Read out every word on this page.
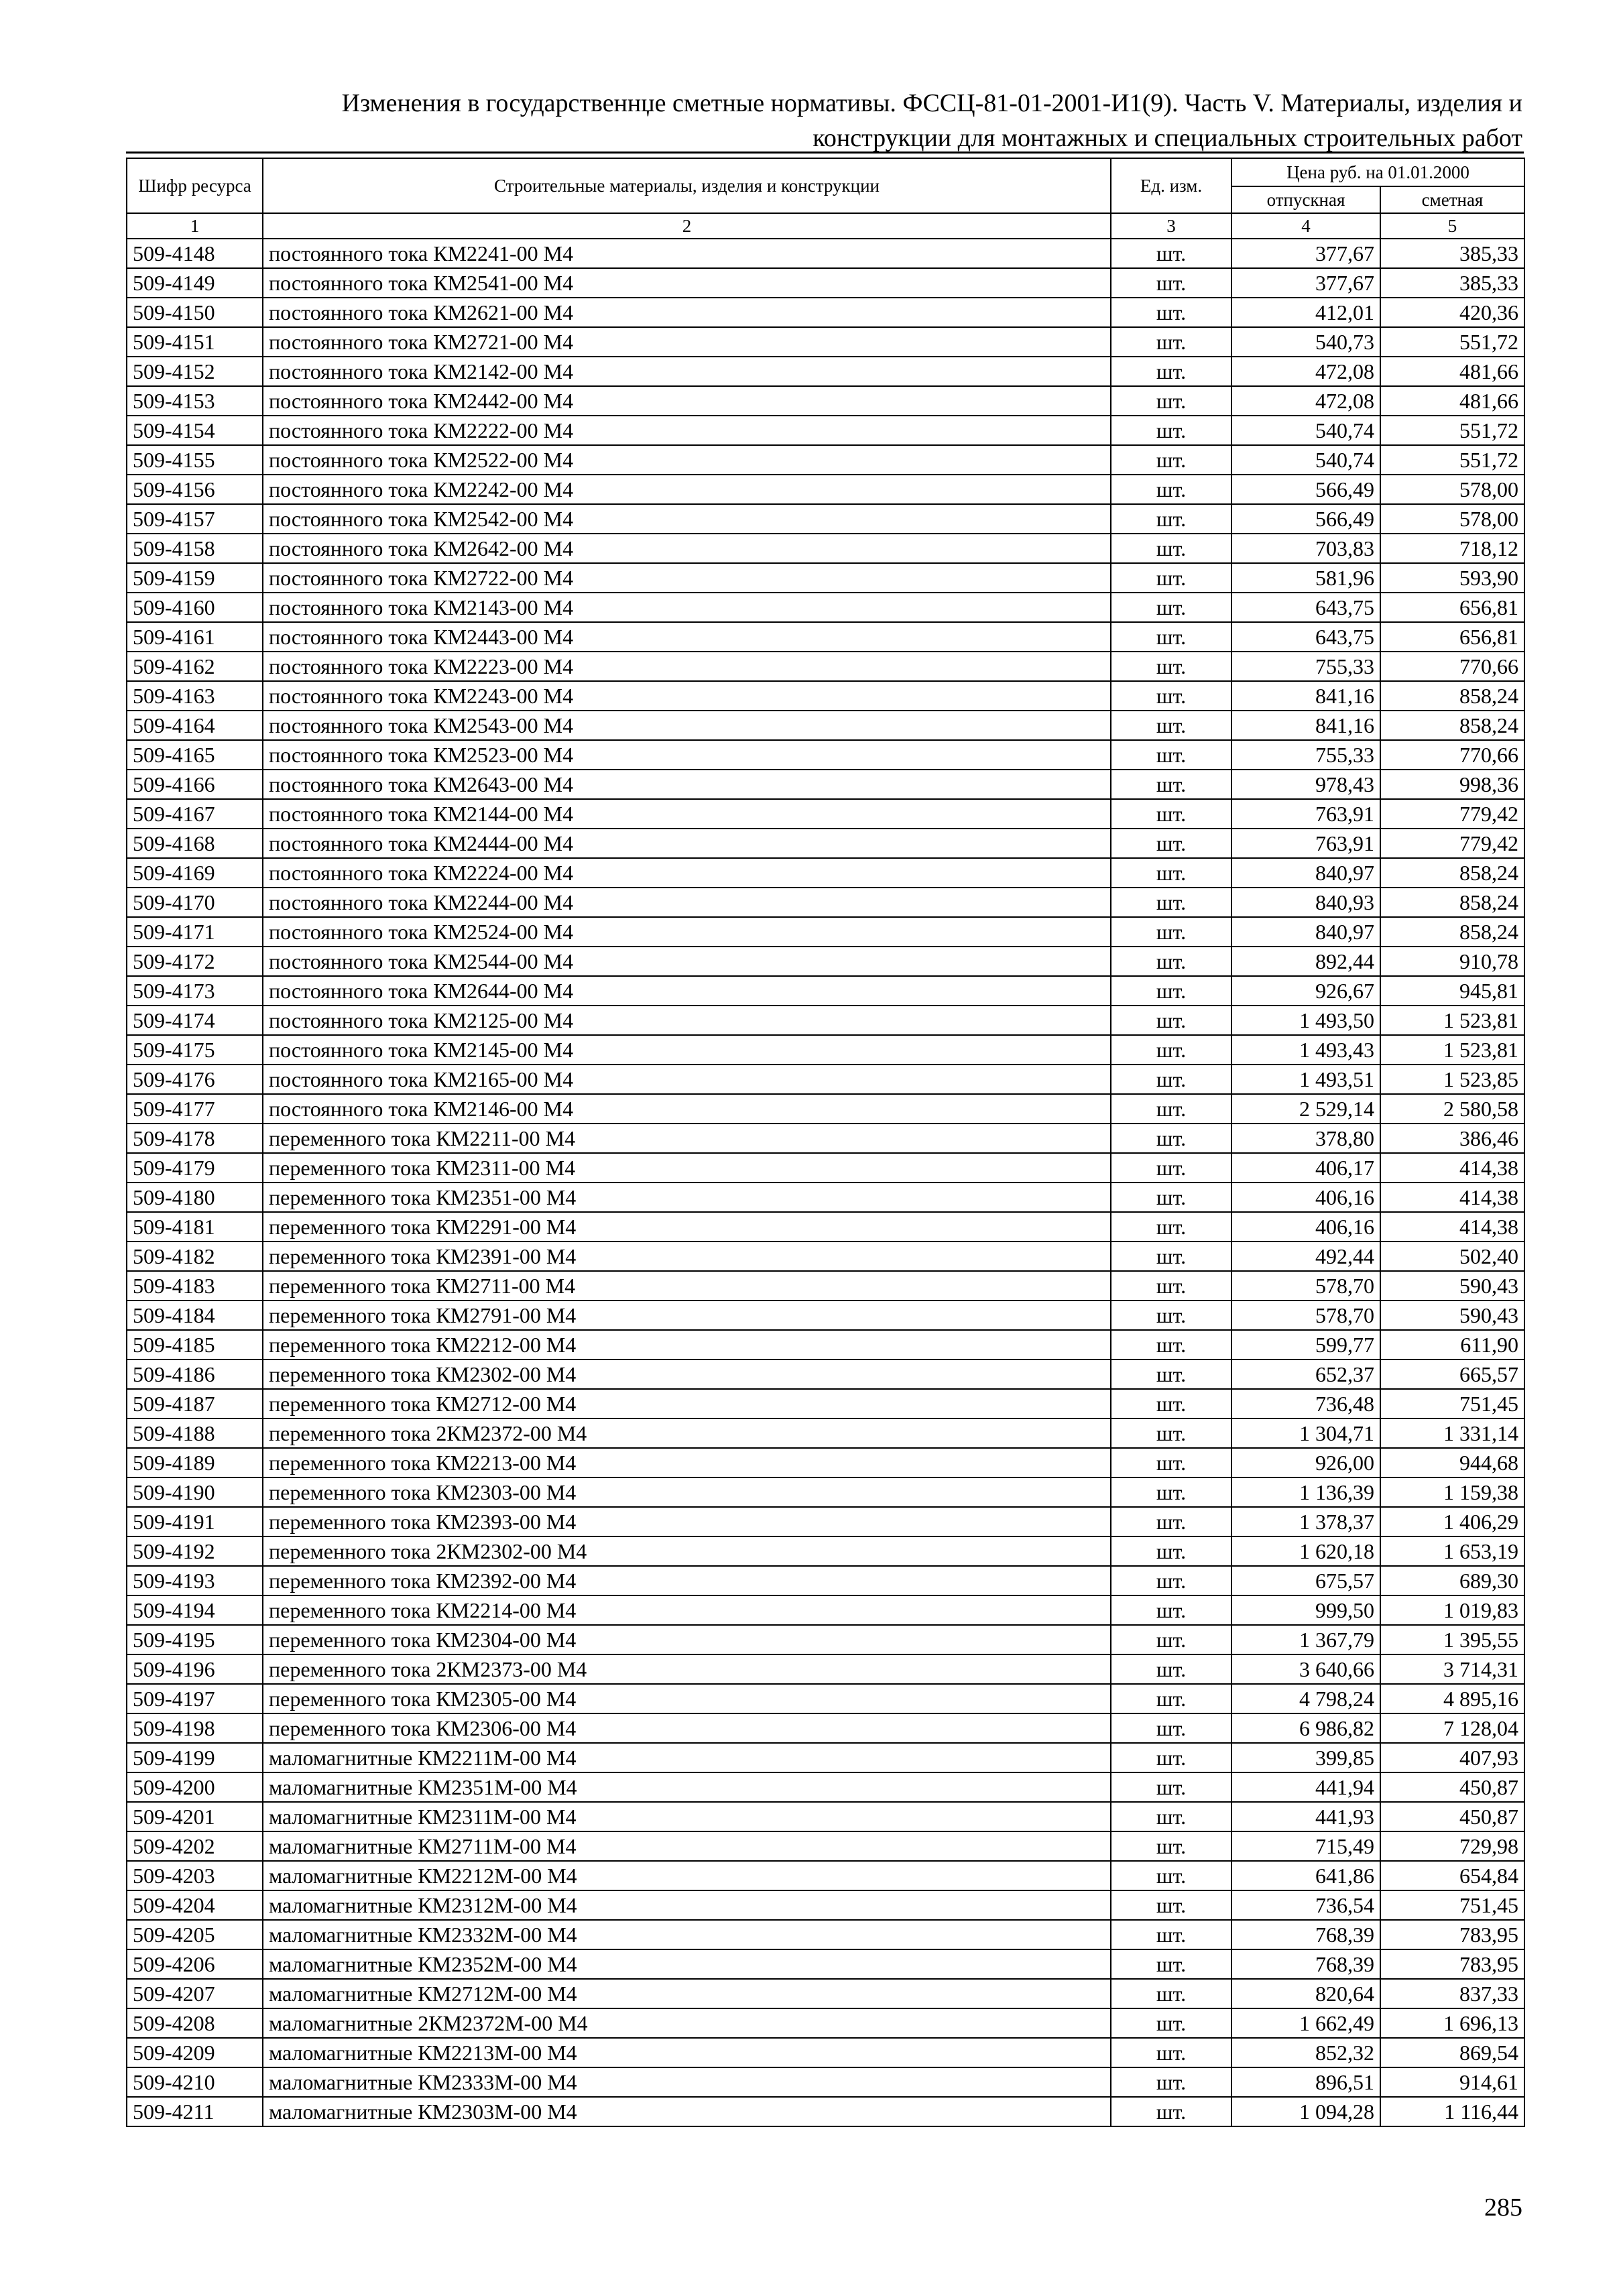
Изменения в государственнџе сметные нормативы. ФССЦ-81-01-2001-И1(9). Часть V. Материалы, изделия и
конструкции для монтажных и специальных строительных работ
Шифр ресурса	Строительные материалы, изделия и конструкции	Ед. изм.	Цена руб. на 01.01.2000	
			отпускная	сметная
1	2	3	4	5
509-4148	постоянного тока КМ2241-00 М4	шт.	377,67	385,33
509-4149	постоянного тока КМ2541-00 М4	шт.	377,67	385,33
509-4150	постоянного тока КМ2621-00 М4	шт.	412,01	420,36
509-4151	постоянного тока КМ2721-00 М4	шт.	540,73	551,72
509-4152	постоянного тока КМ2142-00 М4	шт.	472,08	481,66
509-4153	постоянного тока КМ2442-00 М4	шт.	472,08	481,66
509-4154	постоянного тока КМ2222-00 М4	шт.	540,74	551,72
509-4155	постоянного тока КМ2522-00 М4	шт.	540,74	551,72
509-4156	постоянного тока КМ2242-00 М4	шт.	566,49	578,00
509-4157	постоянного тока КМ2542-00 М4	шт.	566,49	578,00
509-4158	постоянного тока КМ2642-00 М4	шт.	703,83	718,12
509-4159	постоянного тока КМ2722-00 М4	шт.	581,96	593,90
509-4160	постоянного тока КМ2143-00 М4	шт.	643,75	656,81
509-4161	постоянного тока КМ2443-00 М4	шт.	643,75	656,81
509-4162	постоянного тока КМ2223-00 М4	шт.	755,33	770,66
509-4163	постоянного тока КМ2243-00 М4	шт.	841,16	858,24
509-4164	постоянного тока КМ2543-00 М4	шт.	841,16	858,24
509-4165	постоянного тока КМ2523-00 М4	шт.	755,33	770,66
509-4166	постоянного тока КМ2643-00 М4	шт.	978,43	998,36
509-4167	постоянного тока КМ2144-00 М4	шт.	763,91	779,42
509-4168	постоянного тока КМ2444-00 М4	шт.	763,91	779,42
509-4169	постоянного тока КМ2224-00 М4	шт.	840,97	858,24
509-4170	постоянного тока КМ2244-00 М4	шт.	840,93	858,24
509-4171	постоянного тока КМ2524-00 М4	шт.	840,97	858,24
509-4172	постоянного тока КМ2544-00 М4	шт.	892,44	910,78
509-4173	постоянного тока КМ2644-00 М4	шт.	926,67	945,81
509-4174	постоянного тока КМ2125-00 М4	шт.	1 493,50	1 523,81
509-4175	постоянного тока КМ2145-00 М4	шт.	1 493,43	1 523,81
509-4176	постоянного тока КМ2165-00 М4	шт.	1 493,51	1 523,85
509-4177	постоянного тока КМ2146-00 М4	шт.	2 529,14	2 580,58
509-4178	переменного тока КМ2211-00 М4	шт.	378,80	386,46
509-4179	переменного тока КМ2311-00 М4	шт.	406,17	414,38
509-4180	переменного тока КМ2351-00 М4	шт.	406,16	414,38
509-4181	переменного тока КМ2291-00 М4	шт.	406,16	414,38
509-4182	переменного тока КМ2391-00 М4	шт.	492,44	502,40
509-4183	переменного тока КМ2711-00 М4	шт.	578,70	590,43
509-4184	переменного тока КМ2791-00 М4	шт.	578,70	590,43
509-4185	переменного тока КМ2212-00 М4	шт.	599,77	611,90
509-4186	переменного тока КМ2302-00 М4	шт.	652,37	665,57
509-4187	переменного тока КМ2712-00 М4	шт.	736,48	751,45
509-4188	переменного тока 2КМ2372-00 М4	шт.	1 304,71	1 331,14
509-4189	переменного тока КМ2213-00 М4	шт.	926,00	944,68
509-4190	переменного тока КМ2303-00 М4	шт.	1 136,39	1 159,38
509-4191	переменного тока КМ2393-00 М4	шт.	1 378,37	1 406,29
509-4192	переменного тока 2КМ2302-00 М4	шт.	1 620,18	1 653,19
509-4193	переменного тока КМ2392-00 М4	шт.	675,57	689,30
509-4194	переменного тока КМ2214-00 М4	шт.	999,50	1 019,83
509-4195	переменного тока КМ2304-00 М4	шт.	1 367,79	1 395,55
509-4196	переменного тока 2КМ2373-00 М4	шт.	3 640,66	3 714,31
509-4197	переменного тока КМ2305-00 М4	шт.	4 798,24	4 895,16
509-4198	переменного тока КМ2306-00 М4	шт.	6 986,82	7 128,04
509-4199	маломагнитные КМ2211М-00 М4	шт.	399,85	407,93
509-4200	маломагнитные КМ2351М-00 М4	шт.	441,94	450,87
509-4201	маломагнитные КМ2311М-00 М4	шт.	441,93	450,87
509-4202	маломагнитные КМ2711М-00 М4	шт.	715,49	729,98
509-4203	маломагнитные КМ2212М-00 М4	шт.	641,86	654,84
509-4204	маломагнитные КМ2312М-00 М4	шт.	736,54	751,45
509-4205	маломагнитные КМ2332М-00 М4	шт.	768,39	783,95
509-4206	маломагнитные КМ2352М-00 М4	шт.	768,39	783,95
509-4207	маломагнитные КМ2712М-00 М4	шт.	820,64	837,33
509-4208	маломагнитные 2КМ2372М-00 М4	шт.	1 662,49	1 696,13
509-4209	маломагнитные КМ2213М-00 М4	шт.	852,32	869,54
509-4210	маломагнитные КМ2333М-00 М4	шт.	896,51	914,61
509-4211	маломагнитные КМ2303М-00 М4	шт.	1 094,28	1 116,44
285
